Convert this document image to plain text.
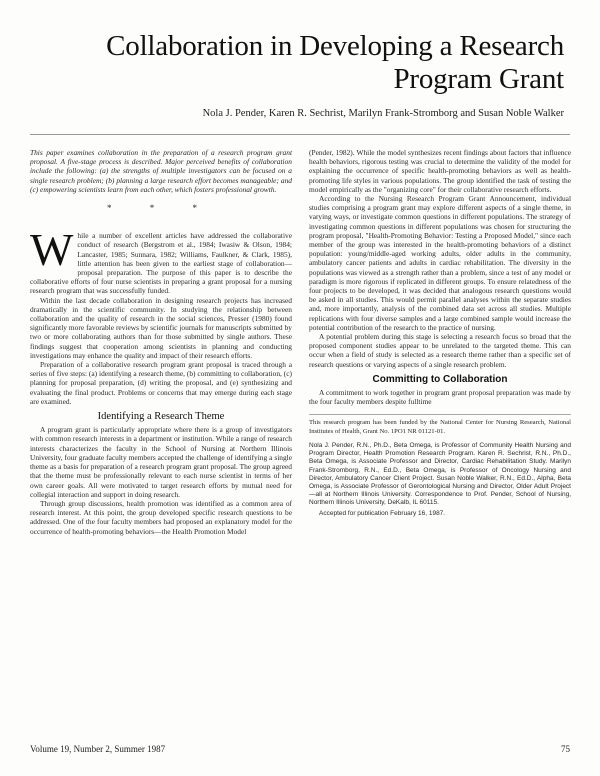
Collaboration in Developing a Research Program Grant
Nola J. Pender, Karen R. Sechrist, Marilyn Frank-Stromborg and Susan Noble Walker

This paper examines collaboration in the preparation of a research program grant proposal. A five-stage process is described. Major perceived benefits of collaboration include the following: (a) the strengths of multiple investigators can be focused on a single research problem; (b) planning a large research effort becomes manageable; and (c) empowering scientists learn from each other, which fosters professional growth.

* * *

While a number of excellent articles have addressed the collaborative conduct of research (Bergstrom et al., 1984; Iwasiw & Olson, 1984; Lancaster, 1985; Sunnara, 1982; Williams, Faulkner, & Clark, 1985), little attention has been given to the earliest stage of collaboration—proposal preparation. The purpose of this paper is to describe the collaborative efforts of four nurse scientists in preparing a grant proposal for a nursing research program that was successfully funded.

Within the last decade collaboration in designing research projects has increased dramatically in the scientific community. In studying the relationship between collaboration and the quality of research in the social sciences, Presser (1980) found significantly more favorable reviews by scientific journals for manuscripts submitted by two or more collaborating authors than for those submitted by single authors. These findings suggest that cooperation among scientists in planning and conducting investigations may enhance the quality and impact of their research efforts.

Preparation of a collaborative research program grant proposal is traced through a series of five steps: (a) identifying a research theme, (b) committing to collaboration, (c) planning for proposal preparation, (d) writing the proposal, and (e) synthesizing and evaluating the final product. Problems or concerns that may emerge during each stage are examined.

Identifying a Research Theme

A program grant is particularly appropriate where there is a group of investigators with common research interests in a department or institution. While a range of research interests characterizes the faculty in the School of Nursing at Northern Illinois University, four graduate faculty members accepted the challenge of identifying a single theme as a basis for preparation of a research program grant proposal. The group agreed that the theme must be professionally relevant to each nurse scientist in terms of her own career goals. All were motivated to target research efforts by mutual need for collegial interaction and support in doing research.

Through group discussions, health promotion was identified as a common area of research interest. At this point, the group developed specific research questions to be addressed. One of the four faculty members had proposed an explanatory model for the occurrence of health-promoting behaviors—the Health Promotion Model

(Pender, 1982). While the model synthesizes recent findings about factors that influence health behaviors, rigorous testing was crucial to determine the validity of the model for explaining the occurrence of specific health-promoting behaviors as well as health-promoting life styles in various populations. The group identified the task of testing the model empirically as the "organizing core" for their collaborative research efforts.

According to the Nursing Research Program Grant Announcement, individual studies comprising a program grant may explore different aspects of a single theme, in varying ways, or investigate common questions in different populations. The strategy of investigating common questions in different populations was chosen for structuring the program proposal, "Health-Promoting Behavior: Testing a Proposed Model," since each member of the group was interested in the health-promoting behaviors of a distinct population: young/middle-aged working adults, older adults in the community, ambulatory cancer patients and adults in cardiac rehabilitation. The diversity in the populations was viewed as a strength rather than a problem, since a test of any model or paradigm is more rigorous if replicated in different groups. To ensure relatedness of the four projects to be developed, it was decided that analogous research questions would be asked in all studies. This would permit parallel analyses within the separate studies and, more importantly, analysis of the combined data set across all studies. Multiple replications with four diverse samples and a large combined sample would increase the potential contribution of the research to the practice of nursing.

A potential problem during this stage is selecting a research focus so broad that the proposed component studies appear to be unrelated to the targeted theme. This can occur when a field of study is selected as a research theme rather than a specific set of research questions or varying aspects of a single research problem.

Committing to Collaboration

A commitment to work together in program grant proposal preparation was made by the four faculty members despite fulltime

This research program has been funded by the National Center for Nursing Research, National Institutes of Health, Grant No. 1PO1 NR 01121-01.

Nola J. Pender, R.N., Ph.D., Beta Omega, is Professor of Community Health Nursing and Program Director, Health Promotion Research Program. Karen R. Sechrist, R.N., Ph.D., Beta Omega, is Associate Professor and Director, Cardiac Rehabilitation Study. Marilyn Frank-Stromborg, R.N., Ed.D., Beta Omega, is Professor of Oncology Nursing and Director, Ambulatory Cancer Client Project. Susan Noble Walker, R.N., Ed.D., Alpha, Beta Omega, is Associate Professor of Gerontological Nursing and Director, Older Adult Project—all at Northern Illinois University. Correspondence to Prof. Pender, School of Nursing, Northern Illinois University, DeKalb, IL 60115.

Accepted for publication February 16, 1987.

Volume 19, Number 2, Summer 1987	75
